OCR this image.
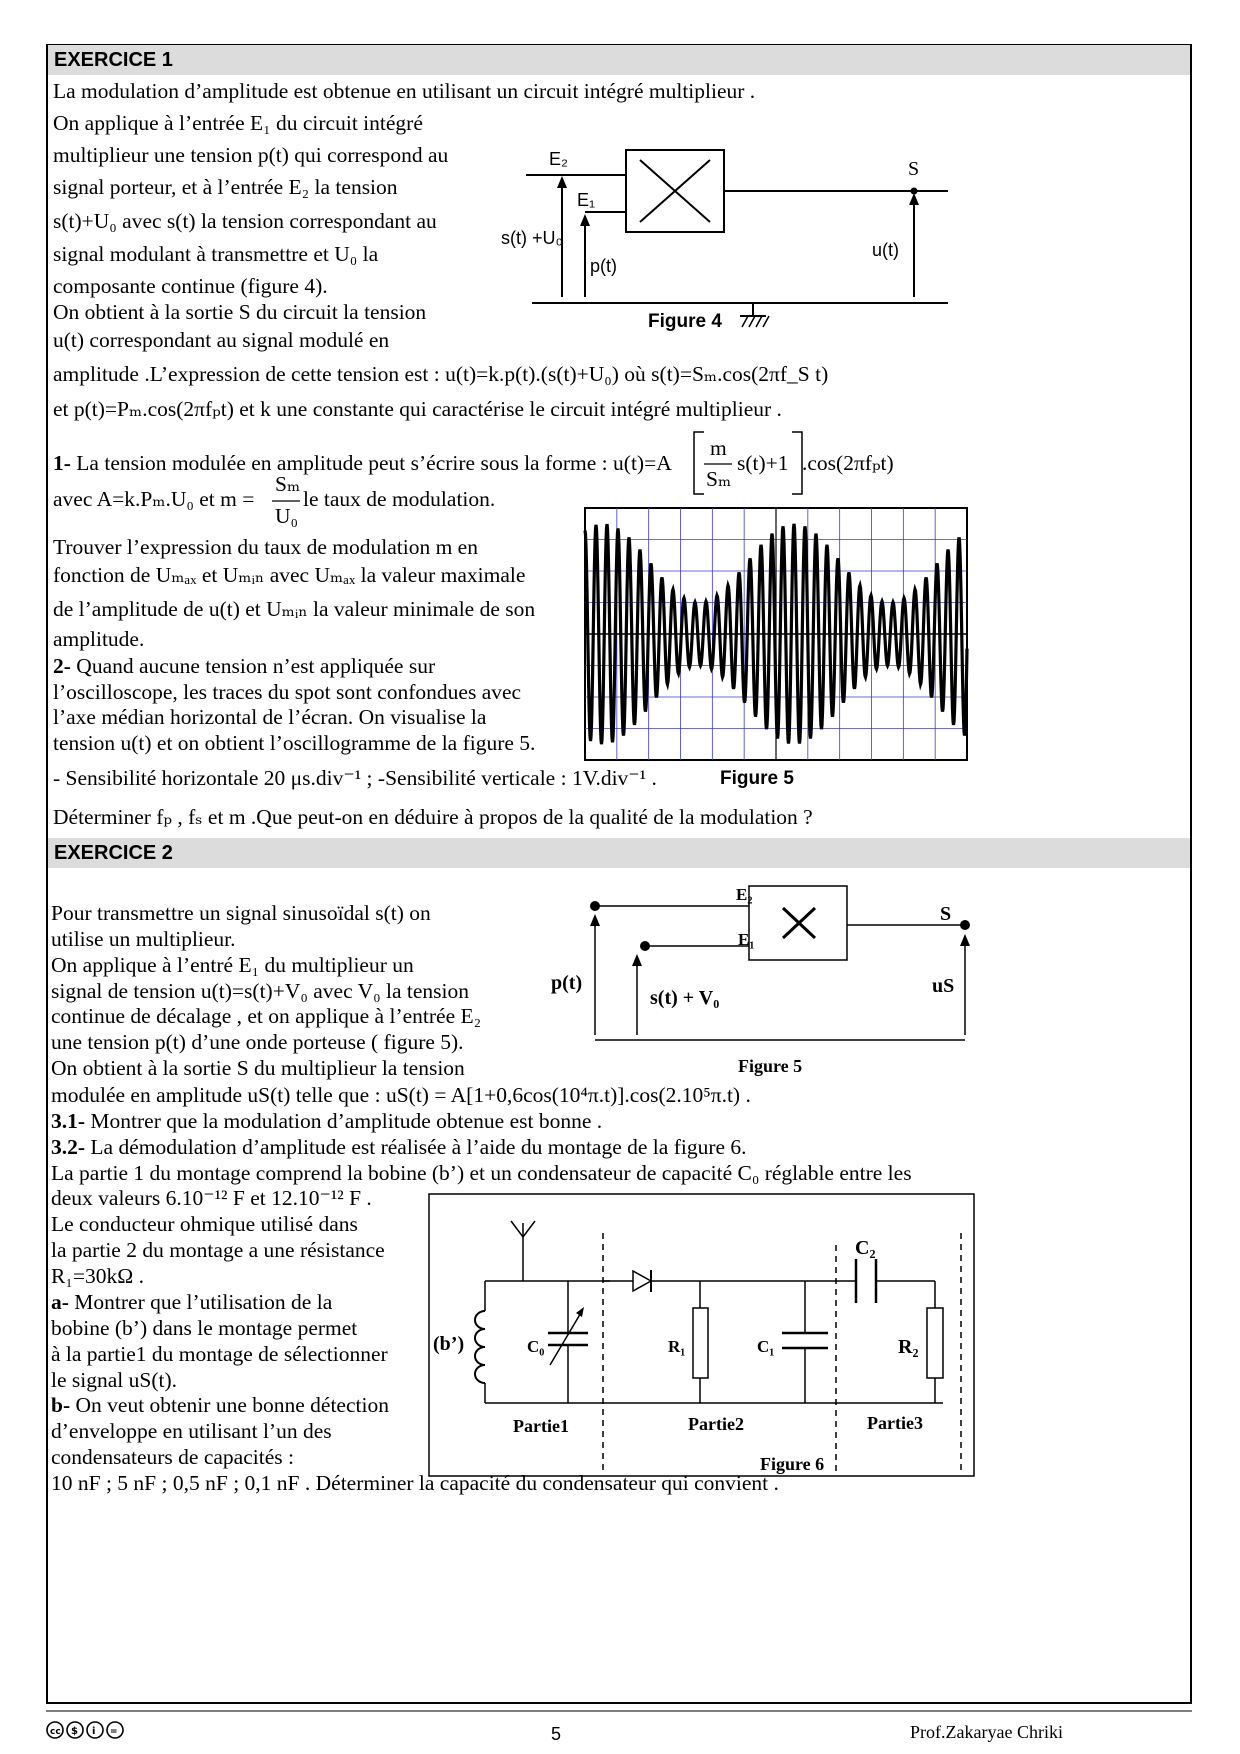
EXERCICE 1
La modulation d’amplitude est obtenue en utilisant un circuit intégré multiplieur .
On applique à l’entrée E₁ du circuit intégré
multiplieur une tension p(t) qui correspond au
signal porteur, et à l’entrée E₂ la tension
s(t)+U₀ avec s(t) la tension correspondant au
signal modulant à transmettre et U₀ la
composante continue (figure 4).
On obtient à la sortie S du circuit la tension
u(t) correspondant au signal modulé en
amplitude .L’expression de cette tension est : u(t)=k.p(t).(s(t)+U₀) où s(t)=Sₘ.cos(2πf_S t)
et p(t)=Pₘ.cos(2πfₚt) et k une constante qui caractérise le circuit intégré multiplieur .
E₂
E₁
S
s(t) +U₀
p(t)
u(t)
Figure 4
1- La tension modulée en amplitude peut s’écrire sous la forme : u(t)=A
m
Sₘ
s(t)+1 .cos(2πfₚt)
avec A=k.Pₘ.U₀ et m =
Sₘ
U₀
le taux de modulation.
Trouver l’expression du taux de modulation m en
fonction de Uₘₐₓ et Uₘᵢₙ avec Uₘₐₓ la valeur maximale
de l’amplitude de u(t) et Uₘᵢₙ la valeur minimale de son
amplitude.
2- Quand aucune tension n’est appliquée sur
l’oscilloscope, les traces du spot sont confondues avec
l’axe médian horizontal de l’écran. On visualise la
tension u(t) et on obtient l’oscillogramme de la figure 5.
- Sensibilité horizontale 20 μs.div⁻¹ ; -Sensibilité verticale : 1V.div⁻¹ .	Figure 5
Déterminer fₚ , fₛ et m .Que peut-on en déduire à propos de la qualité de la modulation ?
EXERCICE 2
Pour transmettre un signal sinusoïdal s(t) on
utilise un multiplieur.
On applique à l’entré E₁ du multiplieur un
signal de tension u(t)=s(t)+V₀ avec V₀ la tension
continue de décalage , et on applique à l’entrée E₂
une tension p(t) d’une onde porteuse ( figure 5).
On obtient à la sortie S du multiplieur la tension
modulée en amplitude uS(t) telle que : uS(t) = A[1+0,6cos(10⁴π.t)].cos(2.10⁵π.t) .
3.1- Montrer que la modulation d’amplitude obtenue est bonne .
3.2- La démodulation d’amplitude est réalisée à l’aide du montage de la figure 6.
La partie 1 du montage comprend la bobine (b’) et un condensateur de capacité C₀ réglable entre les
deux valeurs 6.10⁻¹² F et 12.10⁻¹² F .
Le conducteur ohmique utilisé dans
la partie 2 du montage a une résistance
R₁=30kΩ .
a- Montrer que l’utilisation de la
bobine (b’) dans le montage permet
à la partie1 du montage de sélectionner
le signal uS(t).
b- On veut obtenir une bonne détection
d’enveloppe en utilisant l’un des
condensateurs de capacités :
10 nF ; 5 nF ; 0,5 nF ; 0,1 nF . Déterminer la capacité du condensateur qui convient .
E₂
E₁
S
p(t)
s(t) + V₀
uS
Figure 5
(b’)	C₀	R₁	C₁
C₂
R₂
Partie1	Partie2	Partie3
Figure 6
cc $ i =	5	Prof.Zakaryae Chriki
